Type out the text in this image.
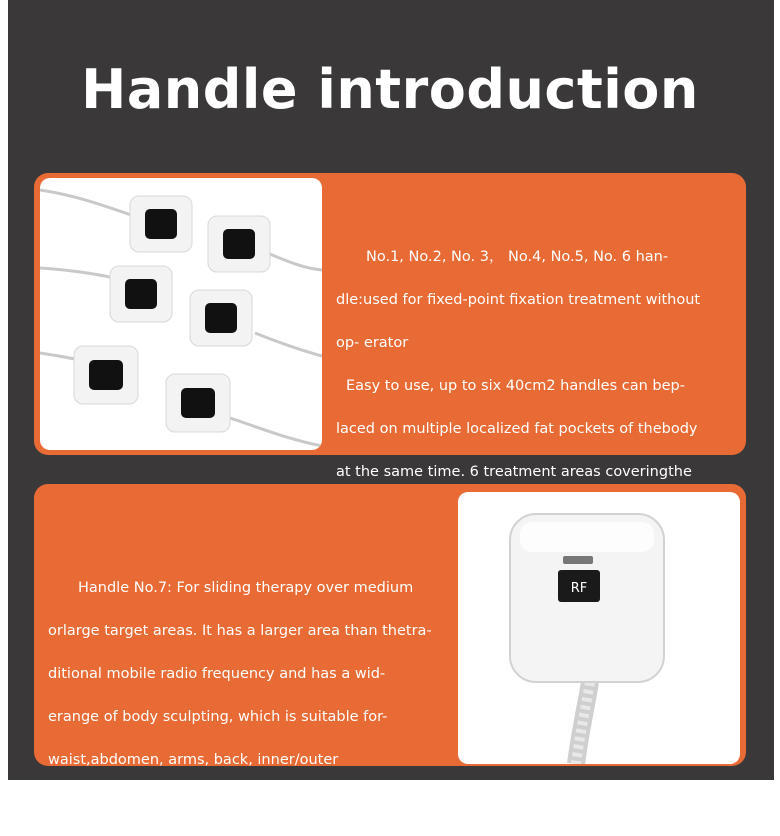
Handle introduction

No.1, No.2, No. 3， No.4, No.5, No. 6 han-

dle:used for fixed-point fixation treatment without

op- erator

Easy to use, up to six 40cm2 handles can bep-

laced on multiple localized fat pockets of thebody

at the same time. 6 treatment areas coveringthe

Handle No.7: For sliding therapy over medium

orlarge target areas. It has a larger area than thetra-

ditional mobile radio frequency and has a wid-

erange of body sculpting, which is suitable for-

waist,abdomen, arms, back, inner/outer

thighs,buttocks/buttocks.

RF
